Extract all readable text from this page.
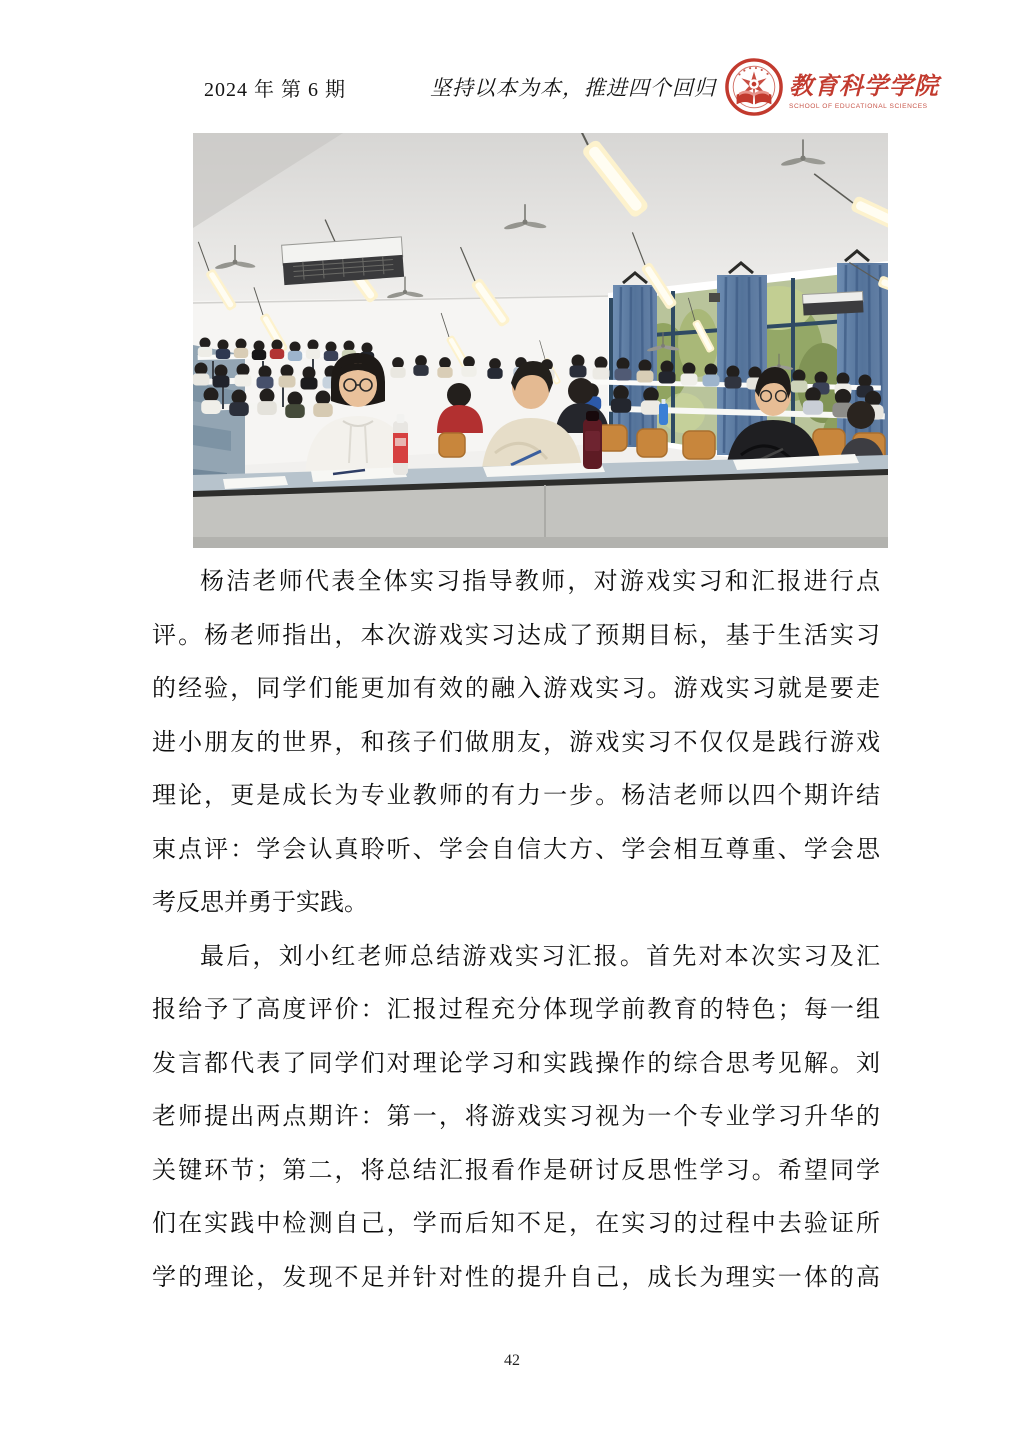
2024 年 第 6 期	坚持以本为本，推进四个回归	教育科学学院
SCHOOL OF EDUCATIONAL SCIENCES

杨洁老师代表全体实习指导教师，对游戏实习和汇报进行点
评。杨老师指出，本次游戏实习达成了预期目标，基于生活实习
的经验，同学们能更加有效的融入游戏实习。游戏实习就是要走
进小朋友的世界，和孩子们做朋友，游戏实习不仅仅是践行游戏
理论，更是成长为专业教师的有力一步。杨洁老师以四个期许结
束点评：学会认真聆听、学会自信大方、学会相互尊重、学会思
考反思并勇于实践。

最后，刘小红老师总结游戏实习汇报。首先对本次实习及汇
报给予了高度评价：汇报过程充分体现学前教育的特色；每一组
发言都代表了同学们对理论学习和实践操作的综合思考见解。刘
老师提出两点期许：第一，将游戏实习视为一个专业学习升华的
关键环节；第二，将总结汇报看作是研讨反思性学习。希望同学
们在实践中检测自己，学而后知不足，在实习的过程中去验证所
学的理论，发现不足并针对性的提升自己，成长为理实一体的高

42
